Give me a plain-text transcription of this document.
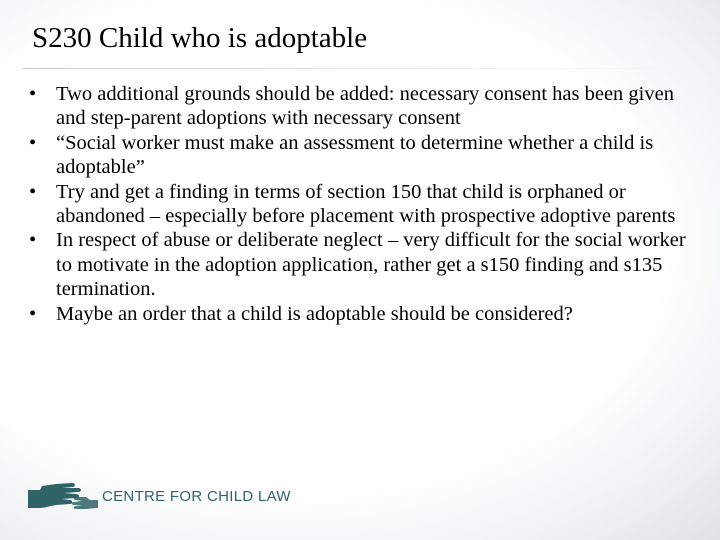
S230 Child who is adoptable
• Two additional grounds should be added: necessary consent has been given and step-parent adoptions with necessary consent
• “Social worker must make an assessment to determine whether a child is adoptable”
• Try and get a finding in terms of section 150 that child is orphaned or abandoned – especially before placement with prospective adoptive parents
• In respect of abuse or deliberate neglect – very difficult for the social worker to motivate in the adoption application, rather get a s150 finding and s135 termination.
• Maybe an order that a child is adoptable should be considered?
CENTRE FOR CHILD LAW
